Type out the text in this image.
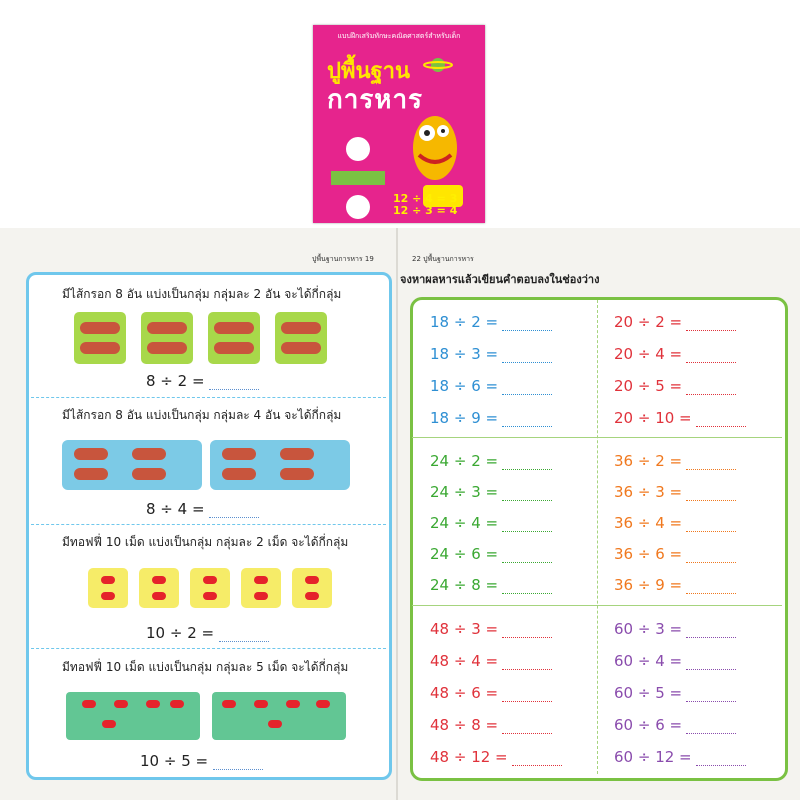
แบบฝึกเสริมทักษะคณิตศาสตร์สำหรับเด็ก
ปูพื้นฐาน
การหาร
12 ÷ 4 = 3
12 ÷ 3 = 4
ปูพื้นฐานการหาร 19
มีไส้กรอก 8 อัน แบ่งเป็นกลุ่ม กลุ่มละ 2 อัน จะได้กี่กลุ่ม
8 ÷ 2 =
มีไส้กรอก 8 อัน แบ่งเป็นกลุ่ม กลุ่มละ 4 อัน จะได้กี่กลุ่ม
8 ÷ 4 =
มีทอฟฟี่ 10 เม็ด แบ่งเป็นกลุ่ม กลุ่มละ 2 เม็ด จะได้กี่กลุ่ม
10 ÷ 2 =
มีทอฟฟี่ 10 เม็ด แบ่งเป็นกลุ่ม กลุ่มละ 5 เม็ด จะได้กี่กลุ่ม
10 ÷ 5 =
22 ปูพื้นฐานการหาร
จงหาผลหารแล้วเขียนคำตอบลงในช่องว่าง
18 ÷ 2 =
18 ÷ 3 =
18 ÷ 6 =
18 ÷ 9 =
24 ÷ 2 =
24 ÷ 3 =
24 ÷ 4 =
24 ÷ 6 =
24 ÷ 8 =
48 ÷ 3 =
48 ÷ 4 =
48 ÷ 6 =
48 ÷ 8 =
48 ÷ 12 =
20 ÷ 2 =
20 ÷ 4 =
20 ÷ 5 =
20 ÷ 10 =
36 ÷ 2 =
36 ÷ 3 =
36 ÷ 4 =
36 ÷ 6 =
36 ÷ 9 =
60 ÷ 3 =
60 ÷ 4 =
60 ÷ 5 =
60 ÷ 6 =
60 ÷ 12 =
